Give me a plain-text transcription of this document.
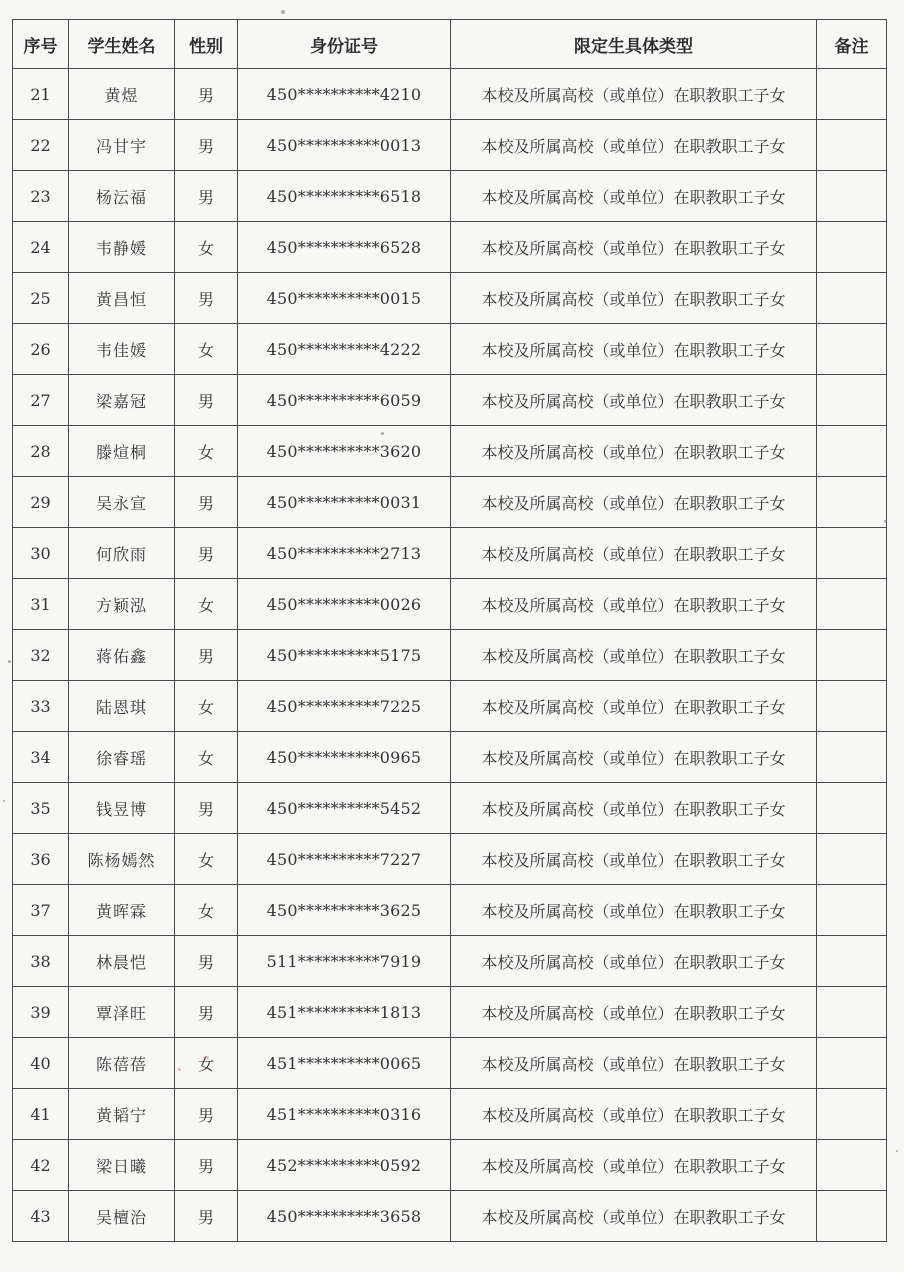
序号	学生姓名	性别	身份证号	限定生具体类型	备注
21	黄煜	男	450**********4210	本校及所属高校（或单位）在职教职工子女	
22	冯甘宇	男	450**********0013	本校及所属高校（或单位）在职教职工子女	
23	杨沄福	男	450**********6518	本校及所属高校（或单位）在职教职工子女	
24	韦静媛	女	450**********6528	本校及所属高校（或单位）在职教职工子女	
25	黄昌恒	男	450**********0015	本校及所属高校（或单位）在职教职工子女	
26	韦佳媛	女	450**********4222	本校及所属高校（或单位）在职教职工子女	
27	梁嘉冠	男	450**********6059	本校及所属高校（或单位）在职教职工子女	
28	滕煊桐	女	450**********3620	本校及所属高校（或单位）在职教职工子女	
29	吴永宣	男	450**********0031	本校及所属高校（或单位）在职教职工子女	
30	何欣雨	男	450**********2713	本校及所属高校（或单位）在职教职工子女	
31	方颖泓	女	450**********0026	本校及所属高校（或单位）在职教职工子女	
32	蒋佑鑫	男	450**********5175	本校及所属高校（或单位）在职教职工子女	
33	陆恩琪	女	450**********7225	本校及所属高校（或单位）在职教职工子女	
34	徐睿瑶	女	450**********0965	本校及所属高校（或单位）在职教职工子女	
35	钱昱博	男	450**********5452	本校及所属高校（或单位）在职教职工子女	
36	陈杨嫣然	女	450**********7227	本校及所属高校（或单位）在职教职工子女	
37	黄晖霖	女	450**********3625	本校及所属高校（或单位）在职教职工子女	
38	林晨恺	男	511**********7919	本校及所属高校（或单位）在职教职工子女	
39	覃泽旺	男	451**********1813	本校及所属高校（或单位）在职教职工子女	
40	陈蓓蓓	女	451**********0065	本校及所属高校（或单位）在职教职工子女	
41	黄韬宁	男	451**********0316	本校及所属高校（或单位）在职教职工子女	
42	梁日曦	男	452**********0592	本校及所属高校（或单位）在职教职工子女	
43	吴檀治	男	450**********3658	本校及所属高校（或单位）在职教职工子女	
